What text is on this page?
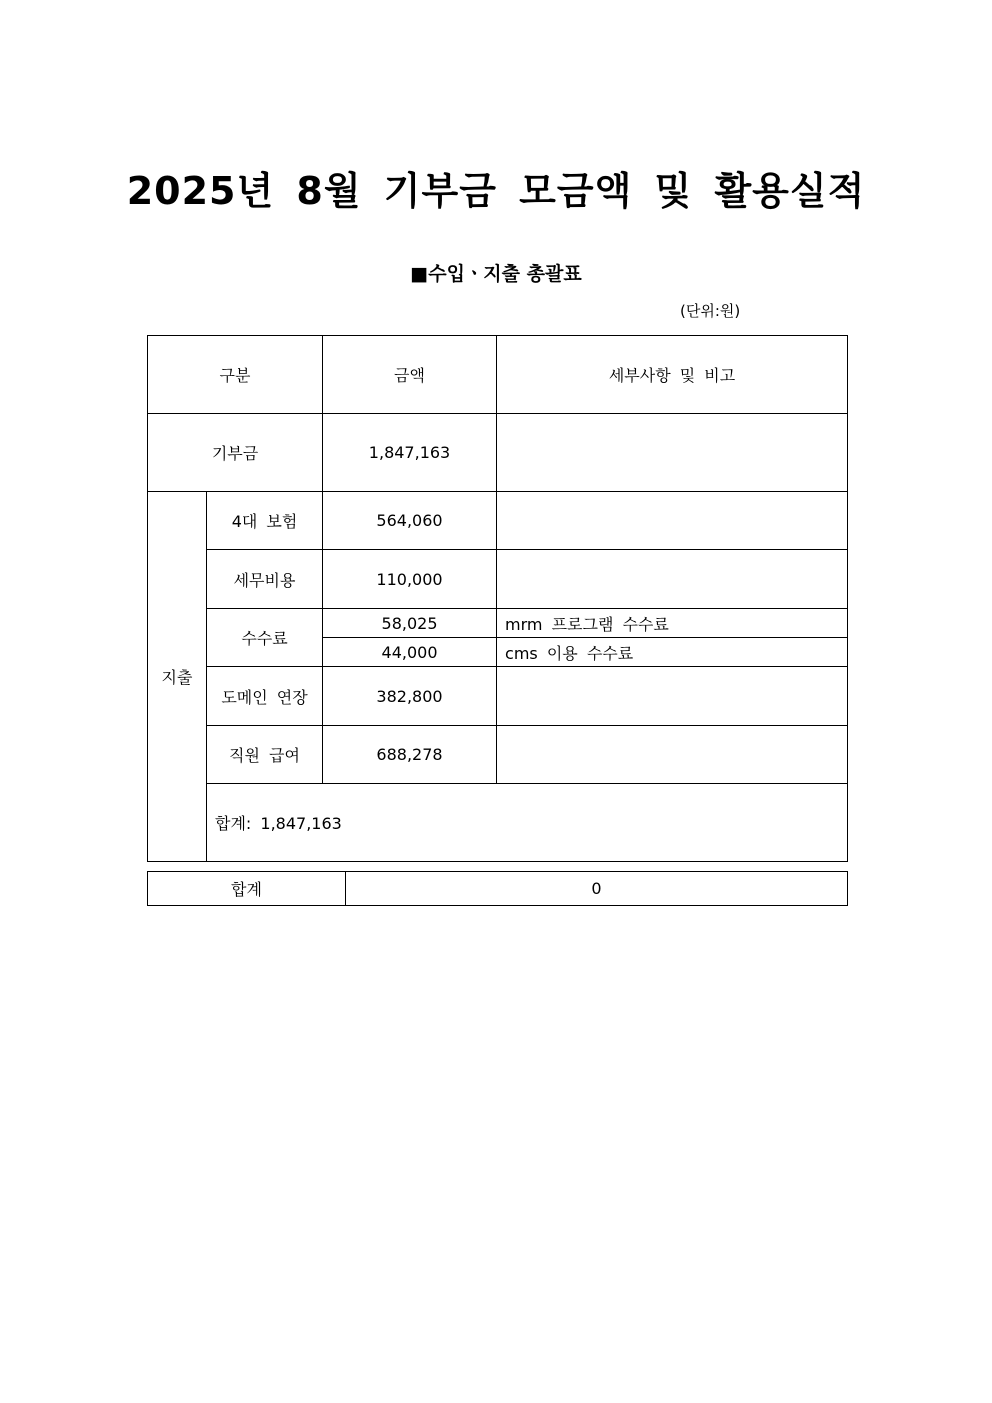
2025년 8월 기부금 모금액 및 활용실적
■수입ㆍ지출 총괄표
(단위:원)
구분		금액	세부사항 및 비고
기부금		1,847,163	
지출	4대 보험	564,060	
	세무비용	110,000	
	수수료	58,025	mrm 프로그램 수수료
		44,000	cms 이용 수수료
	도메인 연장	382,800	
	직원 급여	688,278	
	합계: 1,847,163		
합계	0
